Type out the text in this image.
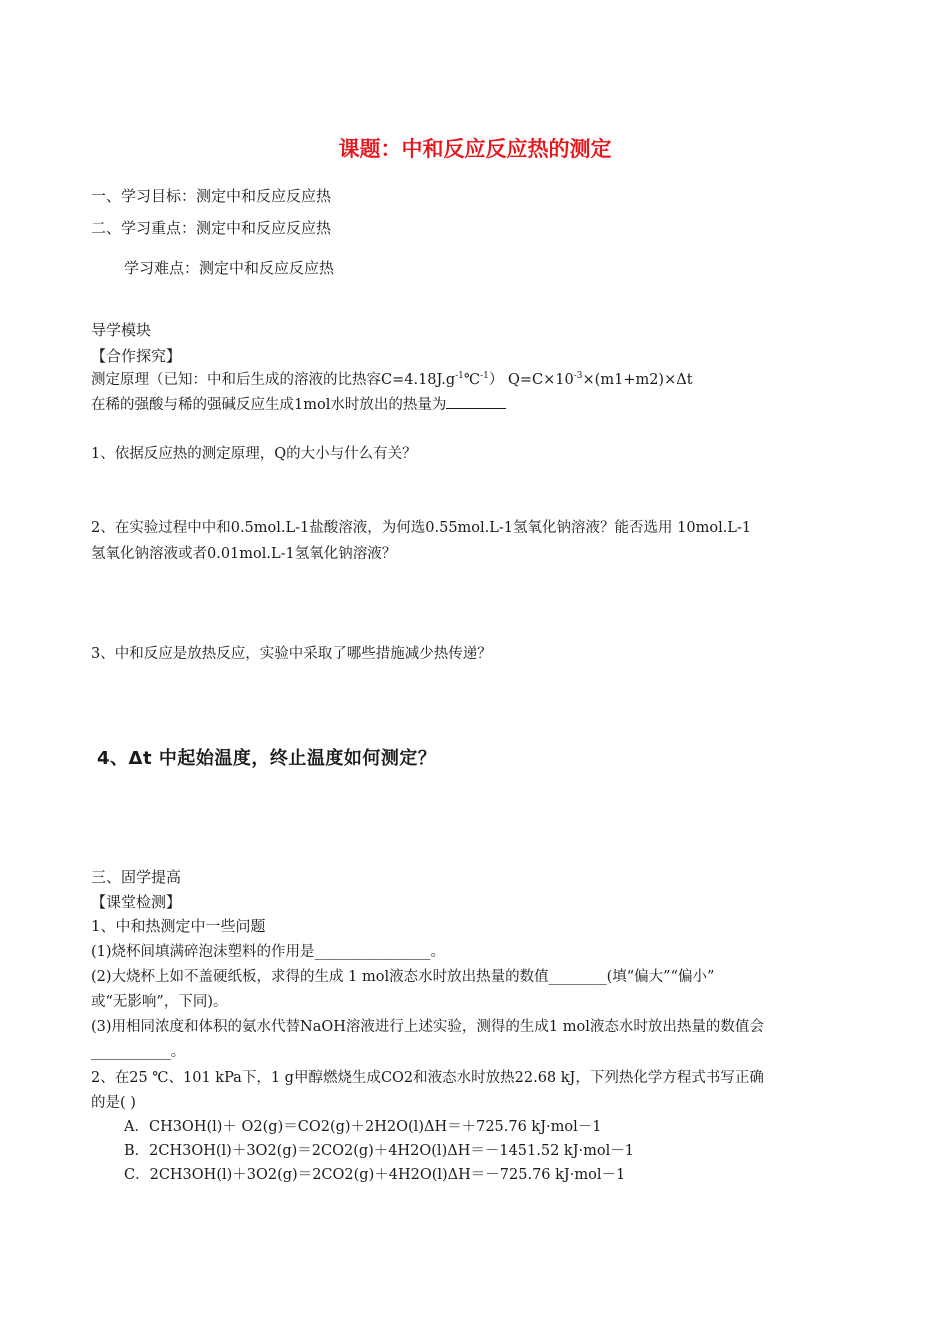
课题：中和反应反应热的测定
一、学习目标：测定中和反应反应热
二、学习重点：测定中和反应反应热
学习难点：测定中和反应反应热
导学模块
【合作探究】
测定原理（已知：中和后生成的溶液的比热容$C=4.18J.g^{-1}℃^{-1}$） $Q=C\times 10^{-3}\times(m1+m2)\times\Delta t$
在稀的强酸与稀的强碱反应生成1mol水时放出的热量为
1、依据反应热的测定原理，Q的大小与什么有关？
2、在实验过程中中和0.5mol.L-1盐酸溶液，为何选0.55mol.L-1氢氧化钠溶液？能否选用 10mol.L-1
氢氧化钠溶液或者0.01mol.L-1氢氧化钠溶液？
3、中和反应是放热反应，实验中采取了哪些措施减少热传递？
4、Δt 中起始温度，终止温度如何测定？
三、固学提高
【课堂检测】
1、中和热测定中一些问题
(1)烧杯间填满碎泡沫塑料的作用是________________。
(2)大烧杯上如不盖硬纸板，求得的生成 1 mol液态水时放出热量的数值________(填“偏大”“偏小”
或“无影响”，下同)。
(3)用相同浓度和体积的氨水代替NaOH溶液进行上述实验，测得的生成1 mol液态水时放出热量的数值会
___________。
2、在25 ℃、101 kPa下，1 g甲醇燃烧生成CO2和液态水时放热22.68 kJ，下列热化学方程式书写正确
的是( )
A．CH3OH(l)＋ O2(g)＝CO2(g)＋2H2O(l)ΔH＝＋725.76 kJ·mol－1
B．2CH3OH(l)＋3O2(g)＝2CO2(g)＋4H2O(l)ΔH＝－1451.52 kJ·mol－1
C．2CH3OH(l)＋3O2(g)＝2CO2(g)＋4H2O(l)ΔH＝－725.76 kJ·mol－1
